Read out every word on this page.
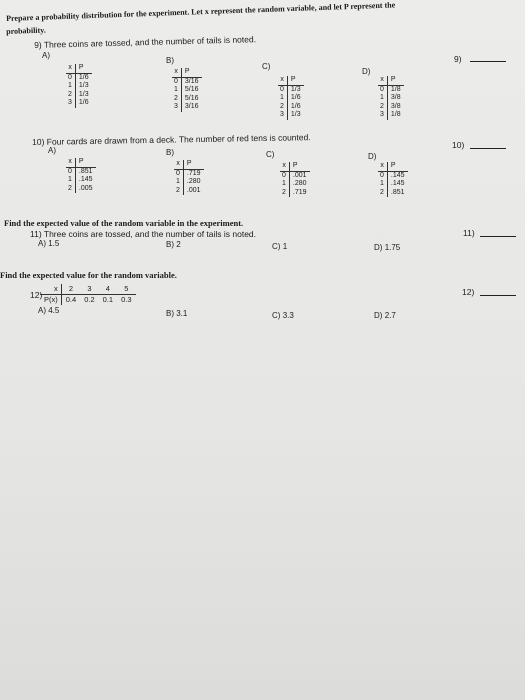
Prepare a probability distribution for the experiment. Let x represent the random variable, and let P represent the
probability.
9) Three coins are tossed, and the number of tails is noted.
9)
A)
x	P
0	1/6
1	1/3
2	1/3
3	1/6
B)
x	P
0	3/16
1	5/16
2	5/16
3	3/16
C)
x	P
0	1/3
1	1/6
2	1/6
3	1/3
D)
x	P
0	1/8
1	3/8
2	3/8
3	1/8
10) Four cards are drawn from a deck. The number of red tens is counted.	10)
A)
x	P
0	.851
1	.145
2	.005
B)
x	P
0	.719
1	.280
2	.001
C)
x	P
0	.001
1	.280
2	.719
D)
x	P
0	.145
1	.145
2	.851
Find the expected value of the random variable in the experiment.
11) Three coins are tossed, and the number of tails is noted.	11)
A) 1.5	B) 2	C) 1	D) 1.75
Find the expected value for the random variable.
12)	12)
x	2	3	4	5
P(x)	0.4	0.2	0.1	0.3
A) 4.5	B) 3.1	C) 3.3	D) 2.7
